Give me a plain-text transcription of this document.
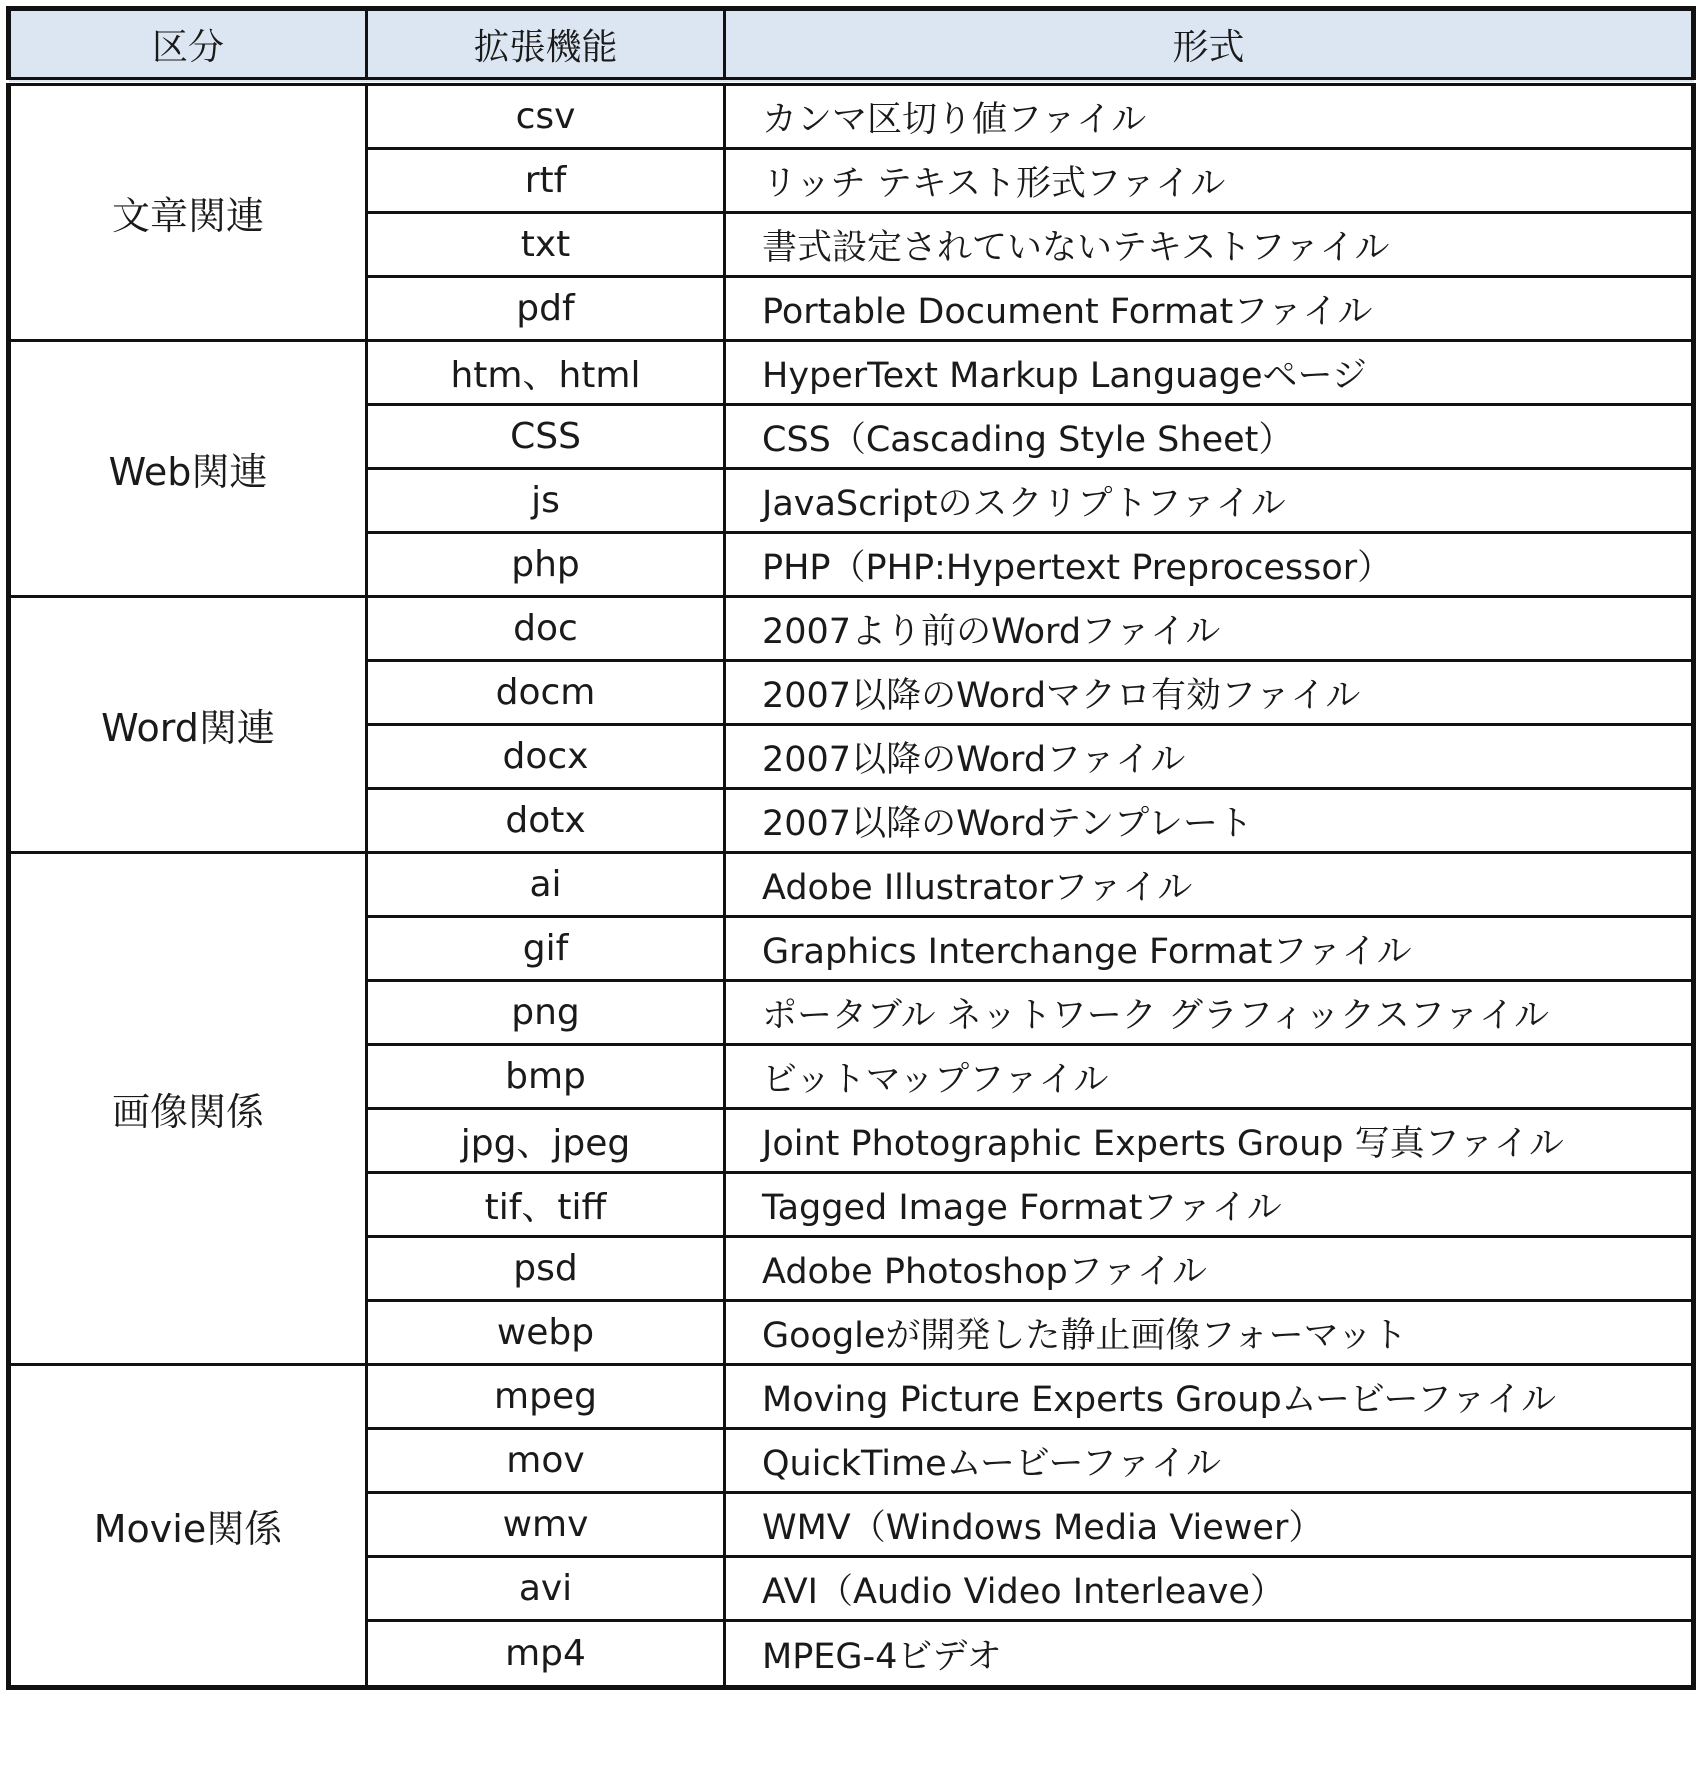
区分	拡張機能	形式
文章関連	csv	カンマ区切り値ファイル
	rtf	リッチ テキスト形式ファイル
	txt	書式設定されていないテキストファイル
	pdf	Portable Document Formatファイル
Web関連	htm、html	HyperText Markup Languageページ
	CSS	CSS（Cascading Style Sheet）
	js	JavaScriptのスクリプトファイル
	php	PHP（PHP:Hypertext Preprocessor）
Word関連	doc	2007より前のWordファイル
	docm	2007以降のWordマクロ有効ファイル
	docx	2007以降のWordファイル
	dotx	2007以降のWordテンプレート
画像関係	ai	Adobe Illustratorファイル
	gif	Graphics Interchange Formatファイル
	png	ポータブル ネットワーク グラフィックスファイル
	bmp	ビットマップファイル
	jpg、jpeg	Joint Photographic Experts Group 写真ファイル
	tif、tiff	Tagged Image Formatファイル
	psd	Adobe Photoshopファイル
	webp	Googleが開発した静止画像フォーマット
Movie関係	mpeg	Moving Picture Experts Groupムービーファイル
	mov	QuickTimeムービーファイル
	wmv	WMV（Windows Media Viewer）
	avi	AVI（Audio Video Interleave）
	mp4	MPEG-4ビデオ
